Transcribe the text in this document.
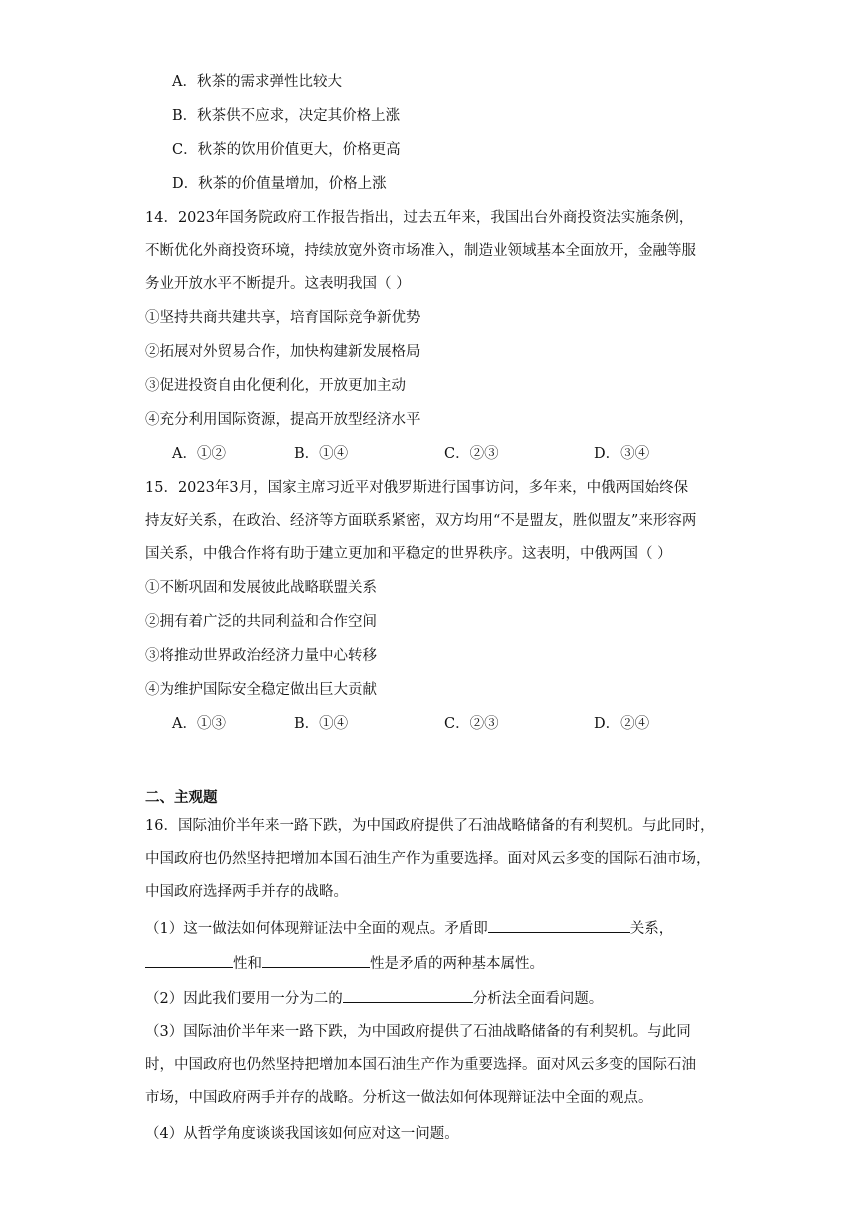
A．秋茶的需求弹性比较大
B．秋茶供不应求，决定其价格上涨
C．秋茶的饮用价值更大，价格更高
D．秋茶的价值量增加，价格上涨
14．2023年国务院政府工作报告指出，过去五年来，我国出台外商投资法实施条例，
不断优化外商投资环境，持续放宽外资市场准入，制造业领域基本全面放开，金融等服
务业开放水平不断提升。这表明我国（ ）
①坚持共商共建共享，培育国际竞争新优势
②拓展对外贸易合作，加快构建新发展格局
③促进投资自由化便利化，开放更加主动
④充分利用国际资源，提高开放型经济水平
A．①②	B．①④	C．②③	D．③④
15．2023年3月，国家主席习近平对俄罗斯进行国事访问，多年来，中俄两国始终保
持友好关系，在政治、经济等方面联系紧密，双方均用“不是盟友，胜似盟友”来形容两
国关系，中俄合作将有助于建立更加和平稳定的世界秩序。这表明，中俄两国（ ）
①不断巩固和发展彼此战略联盟关系
②拥有着广泛的共同利益和合作空间
③将推动世界政治经济力量中心转移
④为维护国际安全稳定做出巨大贡献
A．①③	B．①④	C．②③	D．②④
二、主观题
16．国际油价半年来一路下跌，为中国政府提供了石油战略储备的有利契机。与此同时，
中国政府也仍然坚持把增加本国石油生产作为重要选择。面对风云多变的国际石油市场，
中国政府选择两手并存的战略。
（1）这一做法如何体现辩证法中全面的观点。矛盾即	关系，
性和	性是矛盾的两种基本属性。
（2）因此我们要用一分为二的	分析法全面看问题。
（3）国际油价半年来一路下跌，为中国政府提供了石油战略储备的有利契机。与此同
时，中国政府也仍然坚持把增加本国石油生产作为重要选择。面对风云多变的国际石油
市场，中国政府两手并存的战略。分析这一做法如何体现辩证法中全面的观点。
（4）从哲学角度谈谈我国该如何应对这一问题。
